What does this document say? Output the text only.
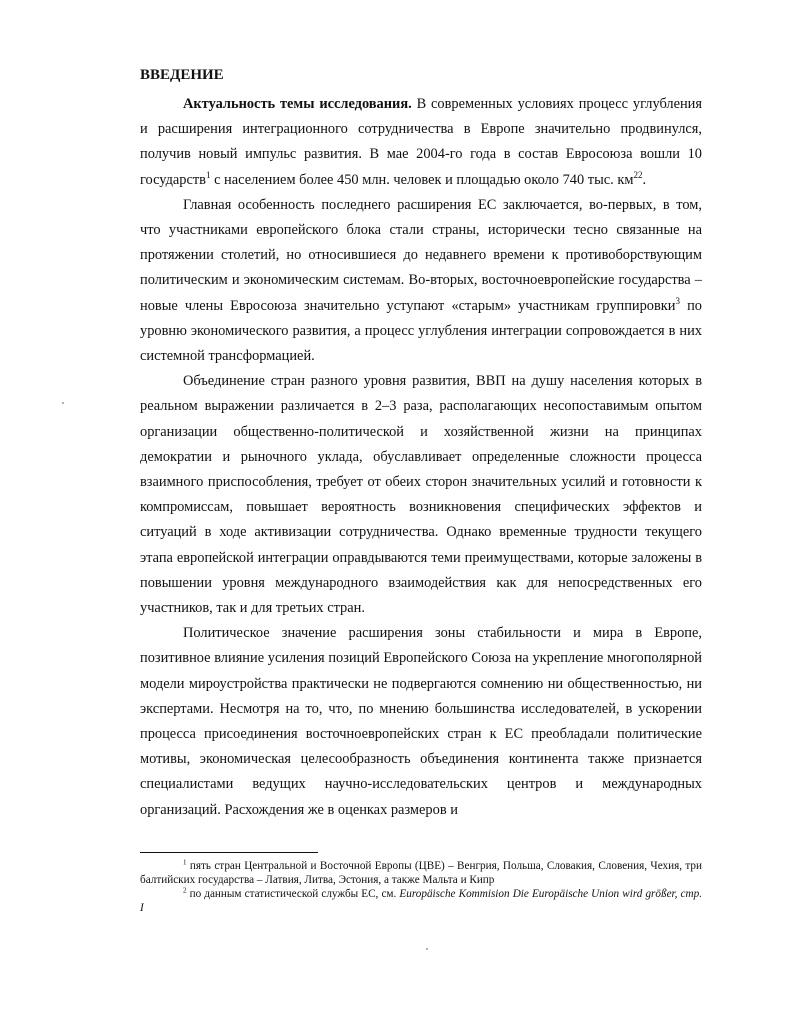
ВВЕДЕНИЕ

Актуальность темы исследования. В современных условиях процесс углубления и расширения интеграционного сотрудничества в Европе значительно продвинулся, получив новый импульс развития. В мае 2004-го года в состав Евросоюза вошли 10 государств$^1$ с населением более 450 млн. человек и площадью около 740 тыс. $км^{22}$.

Главная особенность последнего расширения ЕС заключается, во-первых, в том, что участниками европейского блока стали страны, исторически тесно связанные на протяжении столетий, но относившиеся до недавнего времени к противоборствующим политическим и экономическим системам. Во-вторых, восточноевропейские государства – новые члены Евросоюза значительно уступают «старым» участникам группировки$^3$ по уровню экономического развития, а процесс углубления интеграции сопровождается в них системной трансформацией.

Объединение стран разного уровня развития, ВВП на душу населения которых в реальном выражении различается в 2–3 раза, располагающих несопоставимым опытом организации общественно-политической и хозяйственной жизни на принципах демократии и рыночного уклада, обуславливает определенные сложности процесса взаимного приспособления, требует от обеих сторон значительных усилий и готовности к компромиссам, повышает вероятность возникновения специфических эффектов и ситуаций в ходе активизации сотрудничества. Однако временные трудности текущего этапа европейской интеграции оправдываются теми преимуществами, которые заложены в повышении уровня международного взаимодействия как для непосредственных его участников, так и для третьих стран.

Политическое значение расширения зоны стабильности и мира в Европе, позитивное влияние усиления позиций Европейского Союза на укрепление многополярной модели мироустройства практически не подвергаются сомнению ни общественностью, ни экспертами. Несмотря на то, что, по мнению большинства исследователей, в ускорении процесса присоединения восточноевропейских стран к ЕС преобладали политические мотивы, экономическая целесообразность объединения континента также признается специалистами ведущих научно-исследовательских центров и международных организаций. Расхождения же в оценках размеров и

$^1$ пять стран Центральной и Восточной Европы (ЦВЕ) – Венгрия, Польша, Словакия, Словения, Чехия, три балтийских государства – Латвия, Литва, Эстония, а также Мальта и Кипр

$^2$ по данным статистической службы ЕС, см. Europäische Kommision Die Europäische Union wird größer, стр. I
